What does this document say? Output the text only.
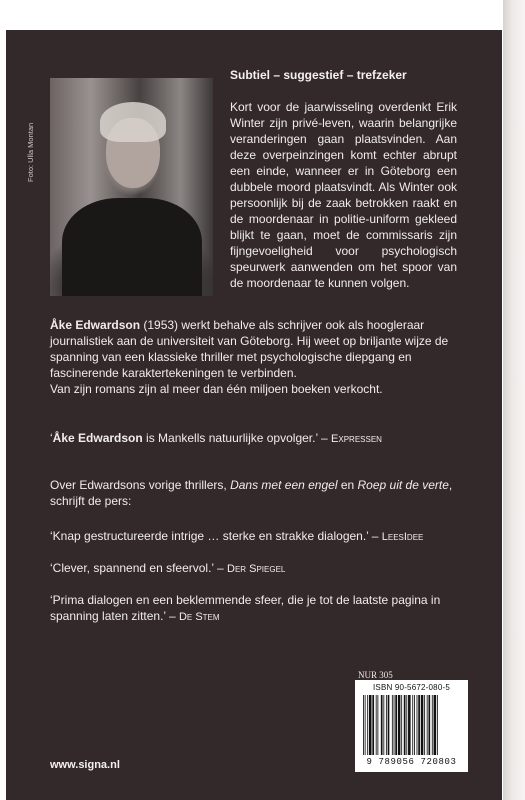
Foto: Ulla Montan
Subtiel – suggestief – trefzeker

Kort voor de jaarwisseling overdenkt Erik Winter zijn privé-leven, waarin belangrijke veranderingen gaan plaatsvinden. Aan deze overpeinzingen komt echter abrupt een einde, wanneer er in Göteborg een dubbele moord plaatsvindt. Als Winter ook persoonlijk bij de zaak betrokken raakt en de moordenaar in politie-uniform gekleed blijkt te gaan, moet de commissaris zijn fijngevoeligheid voor psychologisch speurwerk aanwenden om het spoor van de moordenaar te kunnen volgen.

Åke Edwardson (1953) werkt behalve als schrijver ook als hoogleraar journalistiek aan de universiteit van Göteborg. Hij weet op briljante wijze de spanning van een klassieke thriller met psychologische diepgang en fascinerende karaktertekeningen te verbinden.
Van zijn romans zijn al meer dan één miljoen boeken verkocht.

‘Åke Edwardson is Mankells natuurlijke opvolger.’ – Expressen

Over Edwardsons vorige thrillers, Dans met een engel en Roep uit de verte, schrijft de pers:

‘Knap gestructureerde intrige … sterke en strakke dialogen.’ – LeesIdee

‘Clever, spannend en sfeervol.’ – Der Spiegel

‘Prima dialogen en een beklemmende sfeer, die je tot de laatste pagina in spanning laten zitten.’ – De Stem

NUR 305
ISBN 90-5672-080-5
9 789056 720803
www.signa.nl
